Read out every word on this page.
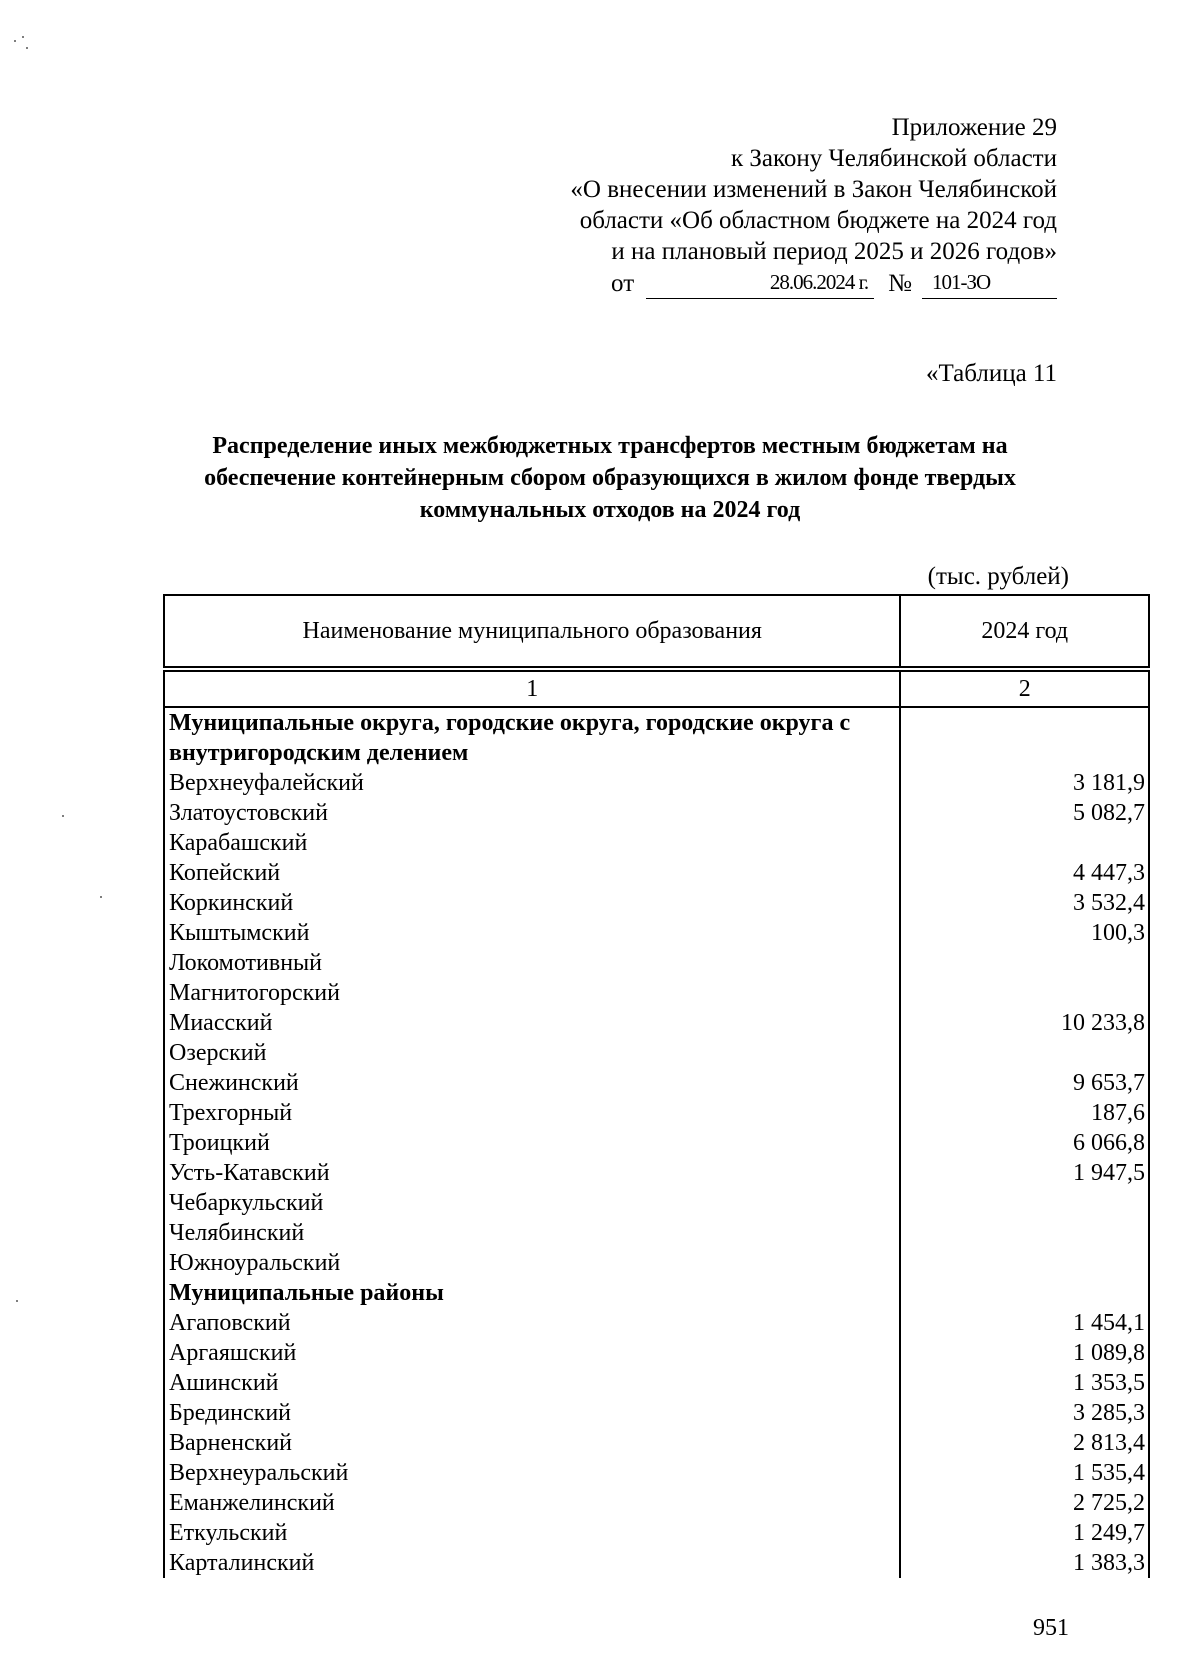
Приложение 29
к Закону Челябинской области
«О внесении изменений в Закон Челябинской
области «Об областном бюджете на 2024 год
и на плановый период 2025 и 2026 годов»
от	28.06.2024 г. № 101-ЗО
«Таблица 11
Распределение иных межбюджетных трансфертов местным бюджетам на обеспечение контейнерным сбором образующихся в жилом фонде твердых коммунальных отходов на 2024 год
(тыс. рублей)
Наименование муниципального образования	2024 год

1	2
Муниципальные округа, городские округа, городские округа с внутригородским делением	
Верхнеуфалейский	3 181,9
Златоустовский	5 082,7
Карабашский	
Копейский	4 447,3
Коркинский	3 532,4
Кыштымский	100,3
Локомотивный	
Магнитогорский	
Миасский	10 233,8
Озерский	
Снежинский	9 653,7
Трехгорный	187,6
Троицкий	6 066,8
Усть-Катавский	1 947,5
Чебаркульский	
Челябинский	
Южноуральский	
Муниципальные районы	
Агаповский	1 454,1
Аргаяшский	1 089,8
Ашинский	1 353,5
Брединский	3 285,3
Варненский	2 813,4
Верхнеуральский	1 535,4
Еманжелинский	2 725,2
Еткульский	1 249,7
Карталинский	1 383,3
951
